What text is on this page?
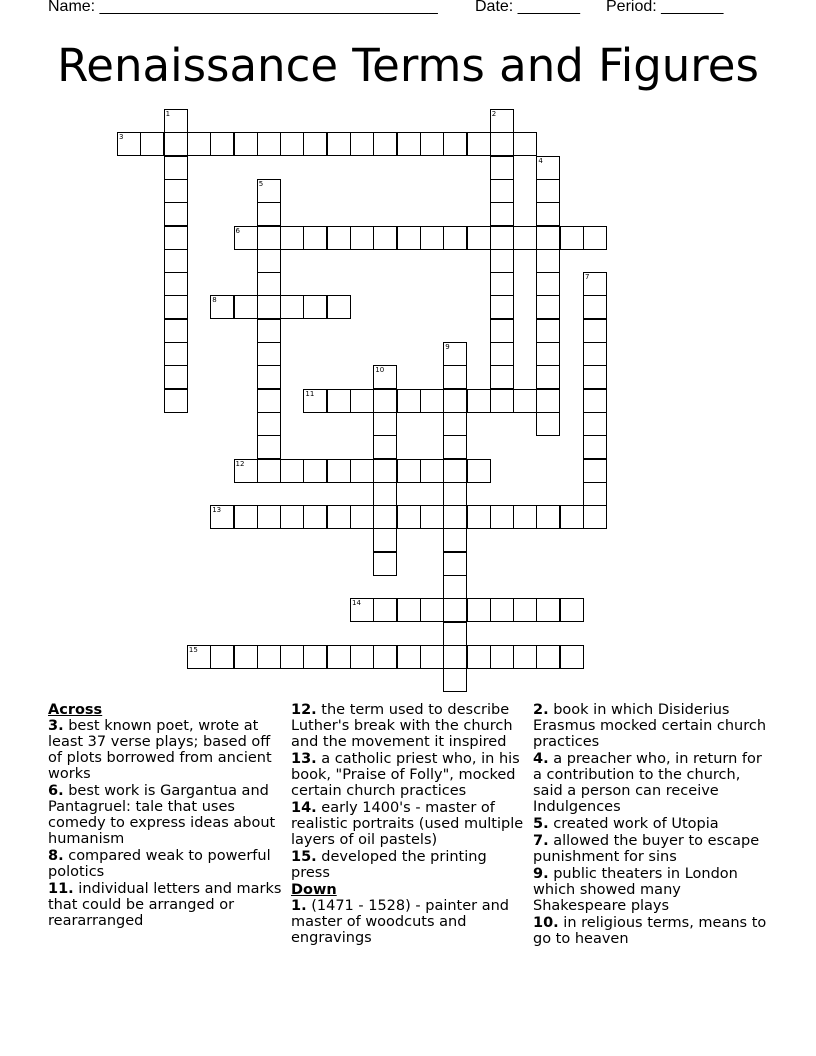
Name: ______________________________________ Date: _______ Period: _______
Renaissance Terms and Figures
3
6
8
11
12
13
14
15
1	2
4
5
7
9
10
Across
3. best known poet, wrote at least 37 verse plays; based off of plots borrowed from ancient works
6. best work is Gargantua and Pantagruel: tale that uses comedy to express ideas about humanism
8. compared weak to powerful polotics
11. individual letters and marks that could be arranged or reararranged
12. the term used to describe Luther's break with the church and the movement it inspired
13. a catholic priest who, in his book, "Praise of Folly", mocked certain church practices
14. early 1400's - master of realistic portraits (used multiple layers of oil pastels)
15. developed the printing press
Down
1. (1471 - 1528) - painter and master of woodcuts and engravings
2. book in which Disiderius Erasmus mocked certain church practices
4. a preacher who, in return for a contribution to the church, said a person can receive Indulgences
5. created work of Utopia
7. allowed the buyer to escape punishment for sins
9. public theaters in London which showed many Shakespeare plays
10. in religious terms, means to go to heaven
